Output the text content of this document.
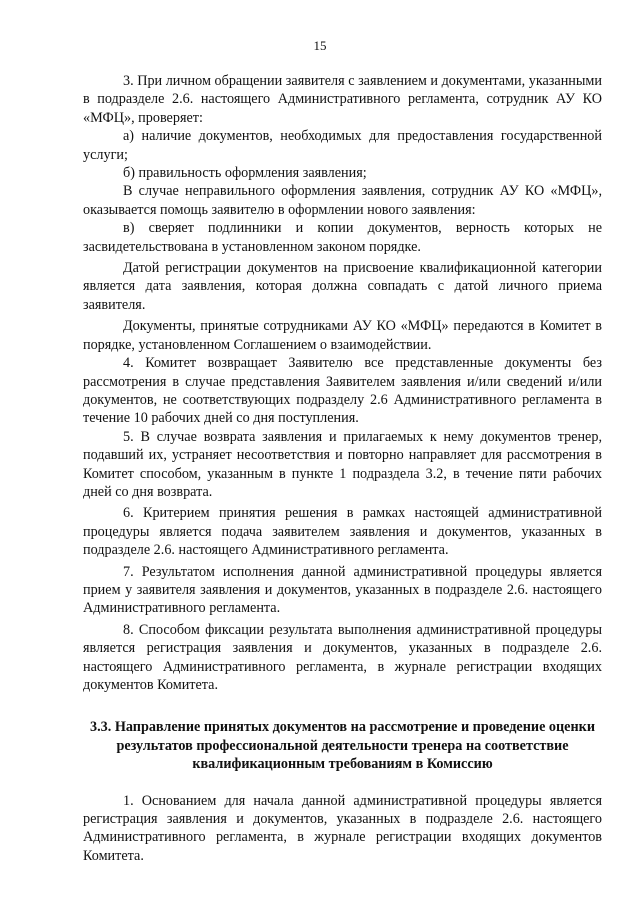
15

3. При личном обращении заявителя с заявлением и документами, указанными в подразделе 2.6. настоящего Административного регламента, сотрудник АУ КО «МФЦ», проверяет:

а) наличие документов, необходимых для предоставления государственной услуги;

б) правильность оформления заявления;

В случае неправильного оформления заявления, сотрудник АУ КО «МФЦ», оказывается помощь заявителю в оформлении нового заявления:

в) сверяет подлинники и копии документов, верность которых не засвидетельствована в установленном законом порядке.

Датой регистрации документов на присвоение квалификационной категории является дата заявления, которая должна совпадать с датой личного приема заявителя.

Документы, принятые сотрудниками АУ КО «МФЦ» передаются в Комитет в порядке, установленном Соглашением о взаимодействии.

4. Комитет возвращает Заявителю все представленные документы без рассмотрения в случае представления Заявителем заявления и/или сведений и/или документов, не соответствующих подразделу 2.6 Административного регламента в течение 10 рабочих дней со дня поступления.

5. В случае возврата заявления и прилагаемых к нему документов тренер, подавший их, устраняет несоответствия и повторно направляет для рассмотрения в Комитет способом, указанным в пункте 1 подраздела 3.2, в течение пяти рабочих дней со дня возврата.

6. Критерием принятия решения в рамках настоящей административной процедуры является подача заявителем заявления и документов, указанных в подразделе 2.6. настоящего Административного регламента.

7. Результатом исполнения данной административной процедуры является прием у заявителя заявления и документов, указанных в подразделе 2.6. настоящего Административного регламента.

8. Способом фиксации результата выполнения административной процедуры является регистрация заявления и документов, указанных в подразделе 2.6. настоящего Административного регламента, в журнале регистрации входящих документов Комитета.

3.3. Направление принятых документов на рассмотрение и проведение оценки результатов профессиональной деятельности тренера на соответствие квалификационным требованиям в Комиссию

1. Основанием для начала данной административной процедуры является регистрация заявления и документов, указанных в подразделе 2.6. настоящего Административного регламента, в журнале регистрации входящих документов Комитета.
